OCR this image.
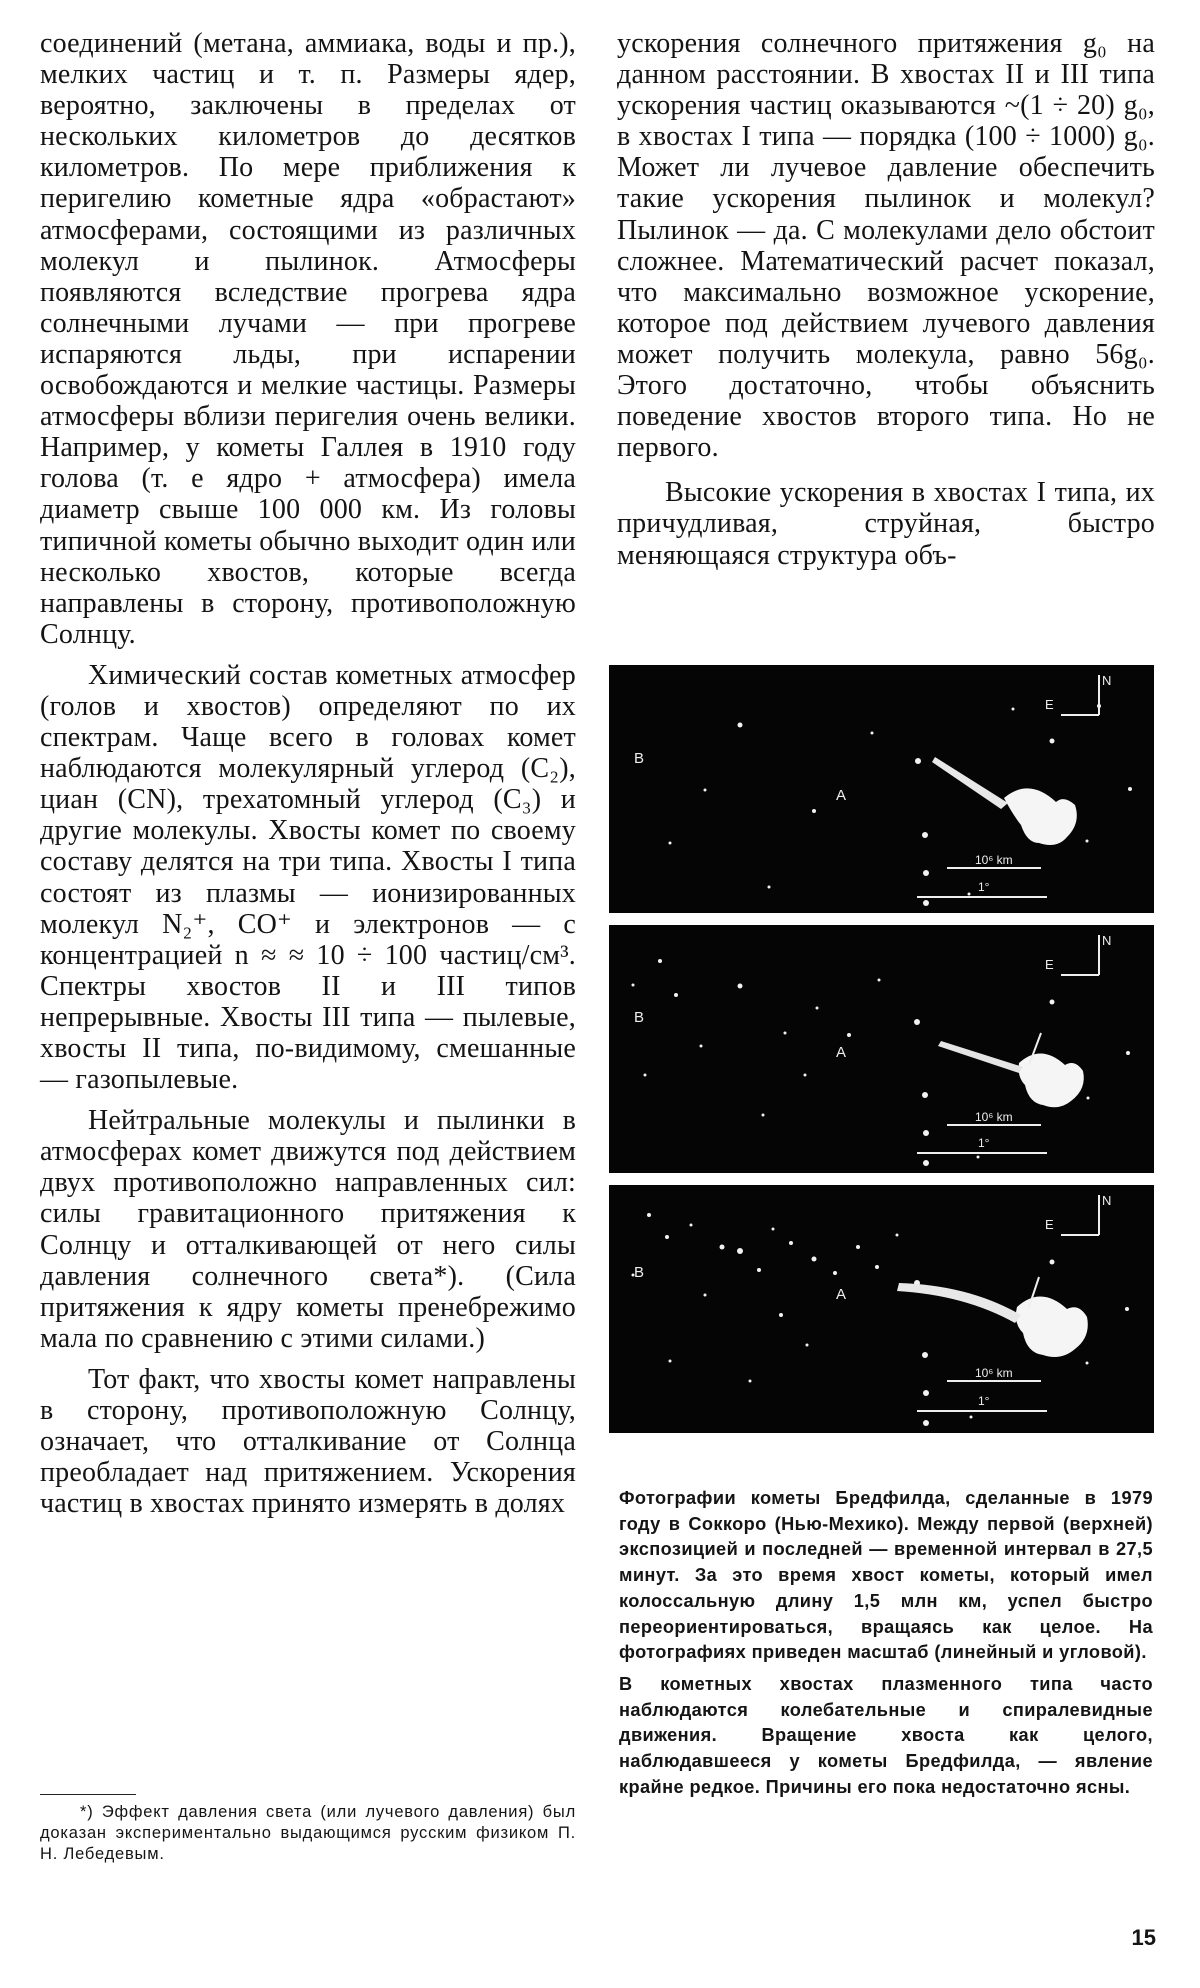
соединений (метана, аммиака, воды и пр.), мелких частиц и т. п. Размеры ядер, вероятно, заключены в пределах от нескольких километров до десятков километров. По мере приближения к перигелию кометные ядра «обрастают» атмосферами, состоящими из различных молекул и пылинок. Атмосферы появляются вследствие прогрева ядра солнечными лучами — при прогреве испаряются льды, при испарении освобождаются и мелкие частицы. Размеры атмосферы вблизи перигелия очень велики. Например, у кометы Галлея в 1910 году голова (т. е ядро + атмосфера) имела диаметр свыше 100 000 км. Из головы типичной кометы обычно выходит один или несколько хвостов, которые всегда направлены в сторону, противоположную Солнцу.

Химический состав кометных атмосфер (голов и хвостов) определяют по их спектрам. Чаще всего в головах комет наблюдаются молекулярный углерод (C₂), циан (CN), трехатомный углерод (C₃) и другие молекулы. Хвосты комет по своему составу делятся на три типа. Хвосты I типа состоят из плазмы — ионизированных молекул N₂⁺, CO⁺ и электронов — с концентрацией n ≈ ≈ 10 ÷ 100 частиц/см³. Спектры хвостов II и III типов непрерывные. Хвосты III типа — пылевые, хвосты II типа, по-видимому, смешанные — газопылевые.

Нейтральные молекулы и пылинки в атмосферах комет движутся под действием двух противоположно направленных сил: силы гравитационного притяжения к Солнцу и отталкивающей от него силы давления солнечного света*). (Сила притяжения к ядру кометы пренебрежимо мала по сравнению с этими силами.)

Тот факт, что хвосты комет направлены в сторону, противоположную Солнцу, означает, что отталкивание от Солнца преобладает над притяжением. Ускорения частиц в хвостах принято измерять в долях

ускорения солнечного притяжения g₀ на данном расстоянии. В хвостах II и III типа ускорения частиц оказываются ~(1 ÷ 20) g₀, в хвостах I типа — порядка (100 ÷ 1000) g₀. Может ли лучевое давление обеспечить такие ускорения пылинок и молекул? Пылинок — да. С молекулами дело обстоит сложнее. Математический расчет показал, что максимально возможное ускорение, которое под действием лучевого давления может получить молекула, равно 56g₀. Этого достаточно, чтобы объяснить поведение хвостов второго типа. Но не первого.

Высокие ускорения в хвостах I типа, их причудливая, струйная, быстро меняющаяся структура объ-

*) Эффект давления света (или лучевого давления) был доказан экспериментально выдающимся русским физиком П. Н. Лебедевым.

B
A
N
E
10⁶ km
1°
B
A
N
E
10⁶ km
1°
B
A
N
E
10⁶ km
1°

Фотографии кометы Бредфилда, сделанные в 1979 году в Соккоро (Нью-Мехико). Между первой (верхней) экспозицией и последней — временной интервал в 27,5 минут. За это время хвост кометы, который имел колоссальную длину 1,5 млн км, успел быстро переориентироваться, вращаясь как целое. На фотографиях приведен масштаб (линейный и угловой).

В кометных хвостах плазменного типа часто наблюдаются колебательные и спиралевидные движения. Вращение хвоста как целого, наблюдавшееся у кометы Бредфилда, — явление крайне редкое. Причины его пока недостаточно ясны.

15
